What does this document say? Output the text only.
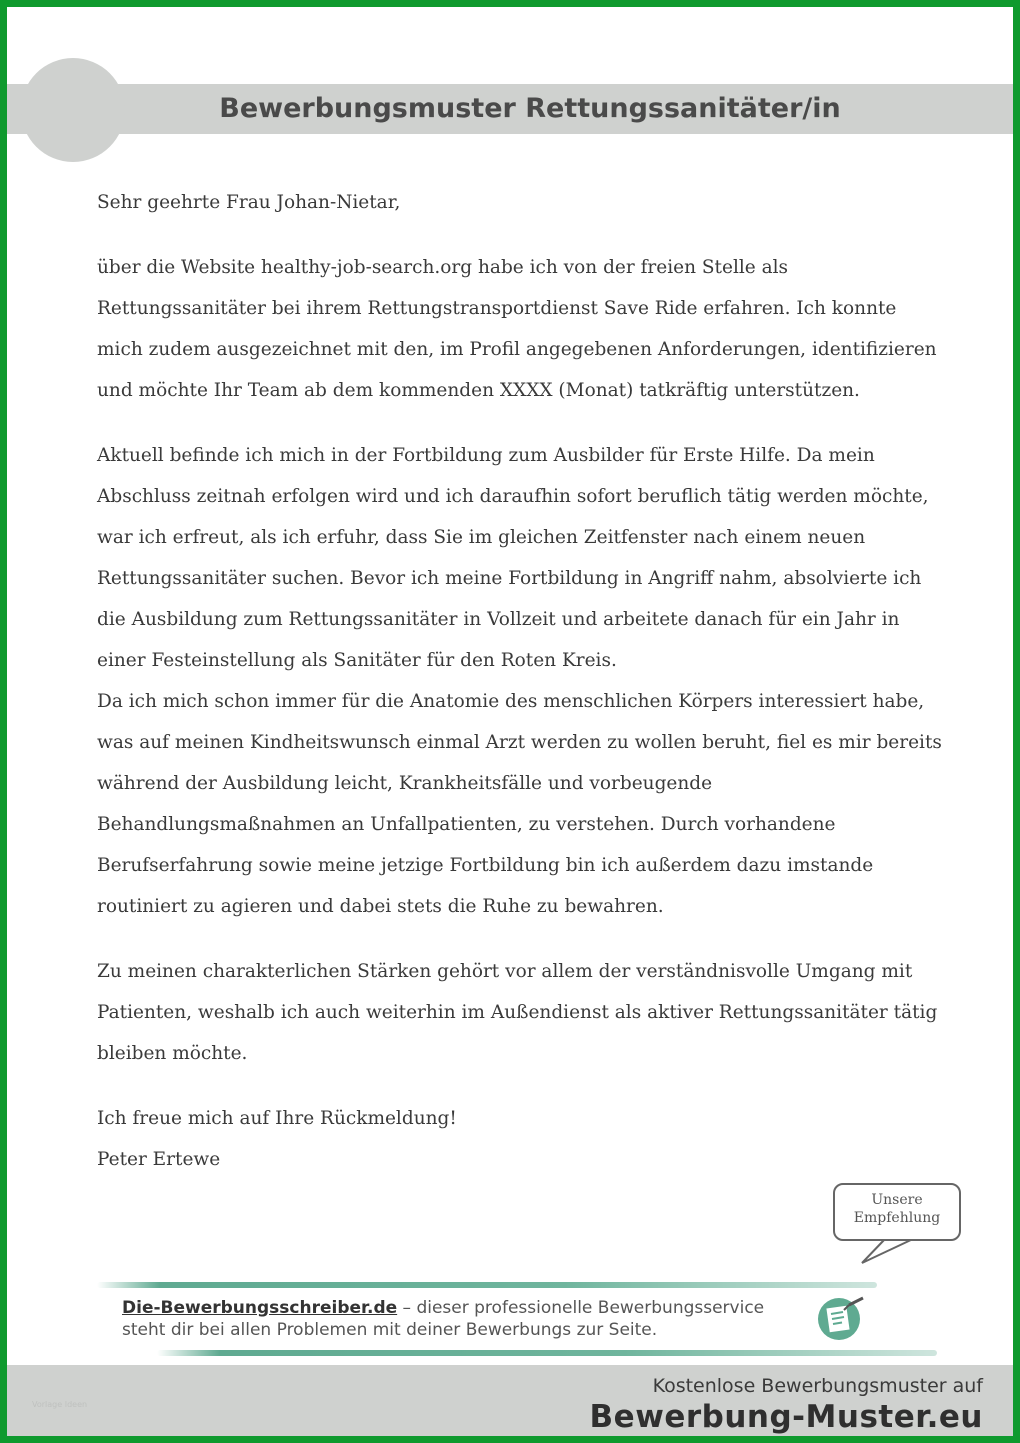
Bewerbungsmuster Rettungssanitäter/in

Sehr geehrte Frau Johan-Nietar,

über die Website healthy-job-search.org habe ich von der freien Stelle als Rettungssanitäter bei ihrem Rettungstransportdienst Save Ride erfahren. Ich konnte mich zudem ausgezeichnet mit den, im Profil angegebenen Anforderungen, identifizieren und möchte Ihr Team ab dem kommenden XXXX (Monat) tatkräftig unterstützen.

Aktuell befinde ich mich in der Fortbildung zum Ausbilder für Erste Hilfe. Da mein Abschluss zeitnah erfolgen wird und ich daraufhin sofort beruflich tätig werden möchte, war ich erfreut, als ich erfuhr, dass Sie im gleichen Zeitfenster nach einem neuen Rettungssanitäter suchen. Bevor ich meine Fortbildung in Angriff nahm, absolvierte ich die Ausbildung zum Rettungssanitäter in Vollzeit und arbeitete danach für ein Jahr in einer Festeinstellung als Sanitäter für den Roten Kreis.

Da ich mich schon immer für die Anatomie des menschlichen Körpers interessiert habe, was auf meinen Kindheitswunsch einmal Arzt werden zu wollen beruht, fiel es mir bereits während der Ausbildung leicht, Krankheitsfälle und vorbeugende Behandlungsmaßnahmen an Unfallpatienten, zu verstehen. Durch vorhandene Berufserfahrung sowie meine jetzige Fortbildung bin ich außerdem dazu imstande routiniert zu agieren und dabei stets die Ruhe zu bewahren.

Zu meinen charakterlichen Stärken gehört vor allem der verständnisvolle Umgang mit Patienten, weshalb ich auch weiterhin im Außendienst als aktiver Rettungssanitäter tätig bleiben möchte.

Ich freue mich auf Ihre Rückmeldung!

Peter Ertewe

Unsere
Empfehlung
Die-Bewerbungsschreiber.de – dieser professionelle Bewerbungsservice
steht dir bei allen Problemen mit deiner Bewerbungs zur Seite.
Vorlage Ideen
Kostenlose Bewerbungsmuster auf
Bewerbung-Muster.eu
